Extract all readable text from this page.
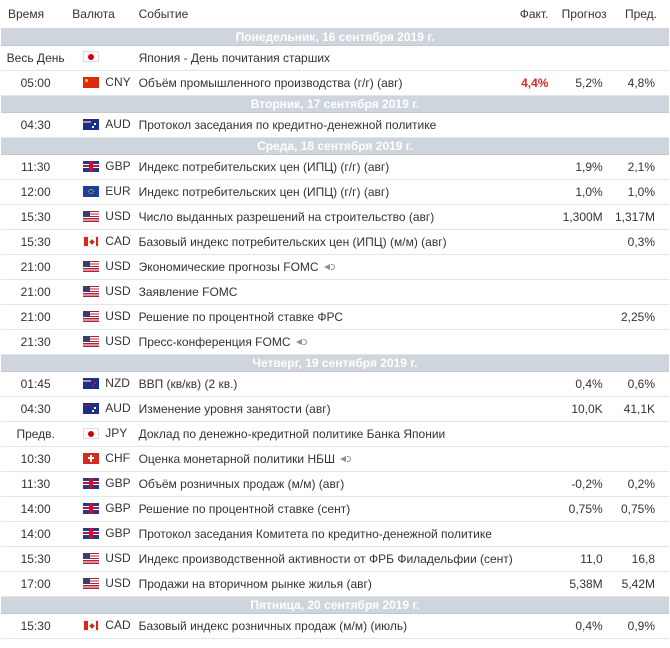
Время	Валюта	Событие	Факт.	Прогноз	Пред.
Понедельник, 16 сентября 2019 г.					
Весь День		Япония - День почитания старших			
05:00	CNY	Объём промышленного производства (г/г) (авг)	4,4%	5,2%	4,8%
Вторник, 17 сентября 2019 г.					
04:30	AUD	Протокол заседания по кредитно-денежной политике			
Среда, 18 сентября 2019 г.					
11:30	GBP	Индекс потребительских цен (ИПЦ) (г/г) (авг)		1,9%	2,1%
12:00	EUR	Индекс потребительских цен (ИПЦ) (г/г) (авг)		1,0%	1,0%
15:30	USD	Число выданных разрешений на строительство (авг)		1,300M	1,317M
15:30	CAD	Базовый индекс потребительских цен (ИПЦ) (м/м) (авг)			0,3%
21:00	USD	Экономические прогнозы FOMC			
21:00	USD	Заявление FOMC			
21:00	USD	Решение по процентной ставке ФРС			2,25%
21:30	USD	Пресс-конференция FOMC			
Четверг, 19 сентября 2019 г.					
01:45	NZD	ВВП (кв/кв) (2 кв.)		0,4%	0,6%
04:30	AUD	Изменение уровня занятости (авг)		10,0K	41,1K
Предв.	JPY	Доклад по денежно-кредитной политике Банка Японии			
10:30	CHF	Оценка монетарной политики НБШ			
11:30	GBP	Объём розничных продаж (м/м) (авг)		-0,2%	0,2%
14:00	GBP	Решение по процентной ставке (сент)		0,75%	0,75%
14:00	GBP	Протокол заседания Комитета по кредитно-денежной политике			
15:30	USD	Индекс производственной активности от ФРБ Филадельфии (сент)		11,0	16,8
17:00	USD	Продажи на вторичном рынке жилья (авг)		5,38M	5,42M
Пятница, 20 сентября 2019 г.					
15:30	CAD	Базовый индекс розничных продаж (м/м) (июль)		0,4%	0,9%
